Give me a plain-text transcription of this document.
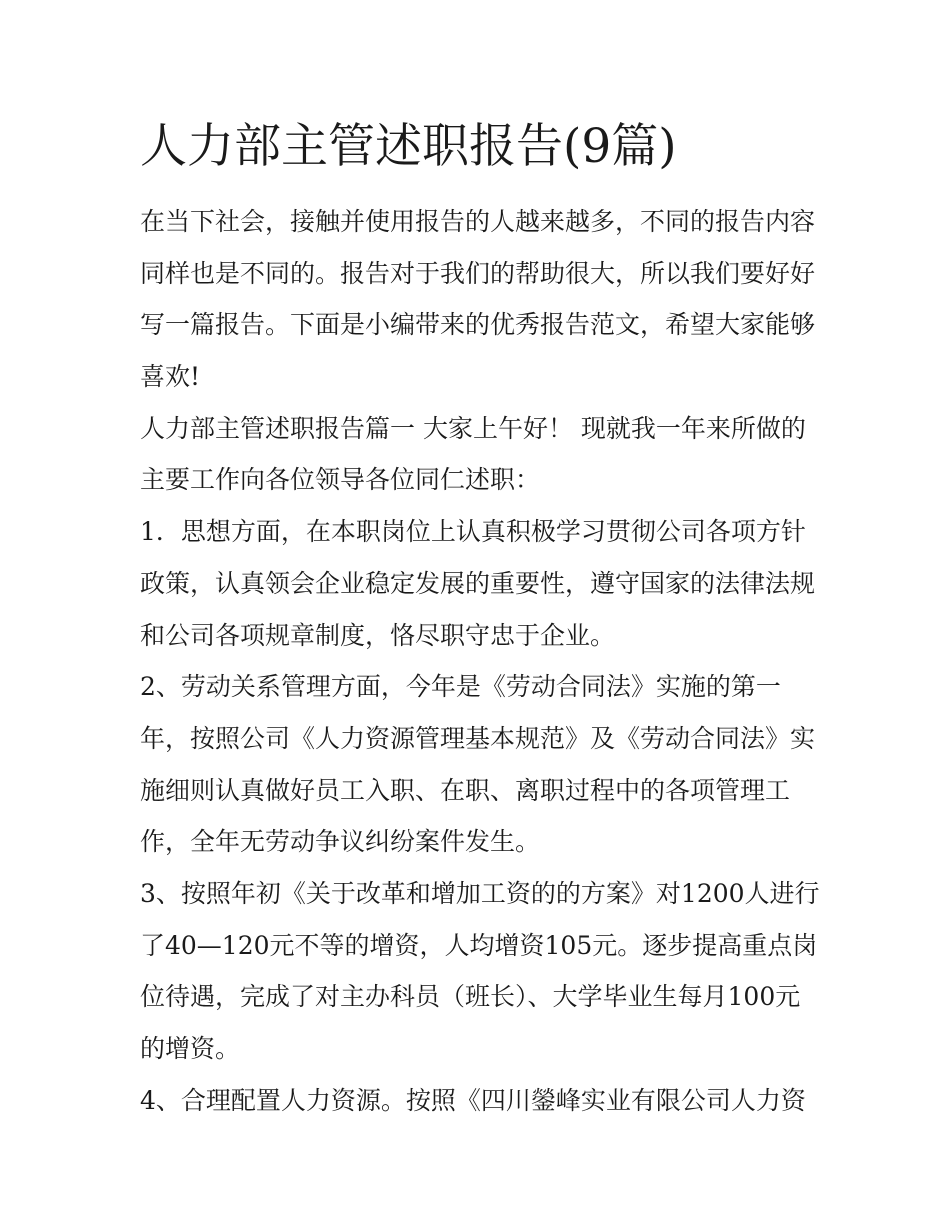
人力部主管述职报告(9篇)

在当下社会，接触并使用报告的人越来越多，不同的报告内容

同样也是不同的。报告对于我们的帮助很大，所以我们要好好

写一篇报告。下面是小编带来的优秀报告范文，希望大家能够

喜欢!

人力部主管述职报告篇一 大家上午好！ 现就我一年来所做的

主要工作向各位领导各位同仁述职：

1．思想方面，在本职岗位上认真积极学习贯彻公司各项方针

政策，认真领会企业稳定发展的重要性，遵守国家的法律法规

和公司各项规章制度，恪尽职守忠于企业。

2、劳动关系管理方面，今年是《劳动合同法》实施的第一

年，按照公司《人力资源管理基本规范》及《劳动合同法》实

施细则认真做好员工入职、在职、离职过程中的各项管理工

作，全年无劳动争议纠纷案件发生。

3、按照年初《关于改革和增加工资的的方案》对1200人进行

了40—120元不等的增资，人均增资105元。逐步提高重点岗

位待遇，完成了对主办科员（班长）、大学毕业生每月100元

的增资。

4、合理配置人力资源。按照《四川鎣峰实业有限公司人力资
